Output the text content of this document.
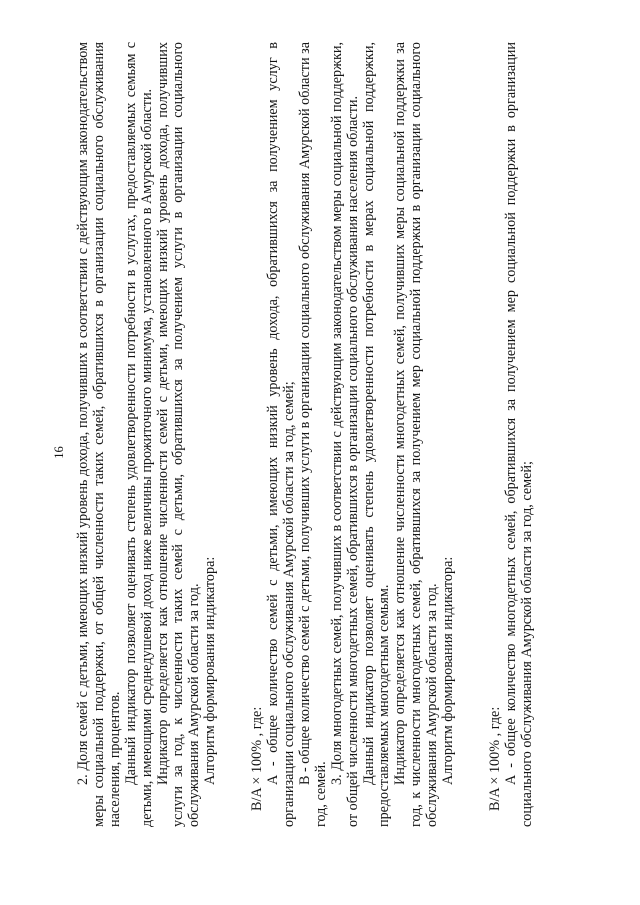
16 2. Доля семей с детьми, имеющих низкий уровень дохода, получивших в соответствии с действующим законодательством меры социальной поддержки, от общей численности таких семей, обратившихся в организации социального обслуживания населения, процентов. Данный индикатор позволяет оценивать степень удовлетворенности потребности в услугах, предоставляемых семьям с детьми, имеющими среднедушевой доход ниже величины прожиточного минимума, установленного в Амурской области. Индикатор определяется как отношение численности семей с детьми, имеющих низкий уровень дохода, получивших услуги за год, к численности таких семей с детьми, обратившихся за получением услуги в организации социального обслуживания Амурской области за год. Алгоритм формирования индикатора: B/A × 100% , где: А - общее количество семей с детьми, имеющих низкий уровень дохода, обратившихся за получением услуг в организации социального обслуживания Амурской области за год, семей; В - общее количество семей с детьми, получивших услуги в организации социального обслуживания Амурской области за год, семей.

3. Доля многодетных семей, получивших в соответствии с действующим законодательством меры социальной поддержки, от общей численности многодетных семей, обратившихся в организации социального обслуживания населения области. Данный индикатор позволяет оценивать степень удовлетворенности потребности в мерах социальной поддержки, предоставляемых многодетным семьям. Индикатор определяется как отношение численности многодетных семей, получивших меры социальной поддержки за год, к численности многодетных семей, обратившихся за получением мер социальной поддержки в организации социального обслуживания Амурской области за год. Алгоритм формирования индикатора: B/A × 100% , где: А - общее количество многодетных семей, обратившихся за получением мер социальной поддержки в организации социального обслуживания Амурской области за год, семей;
